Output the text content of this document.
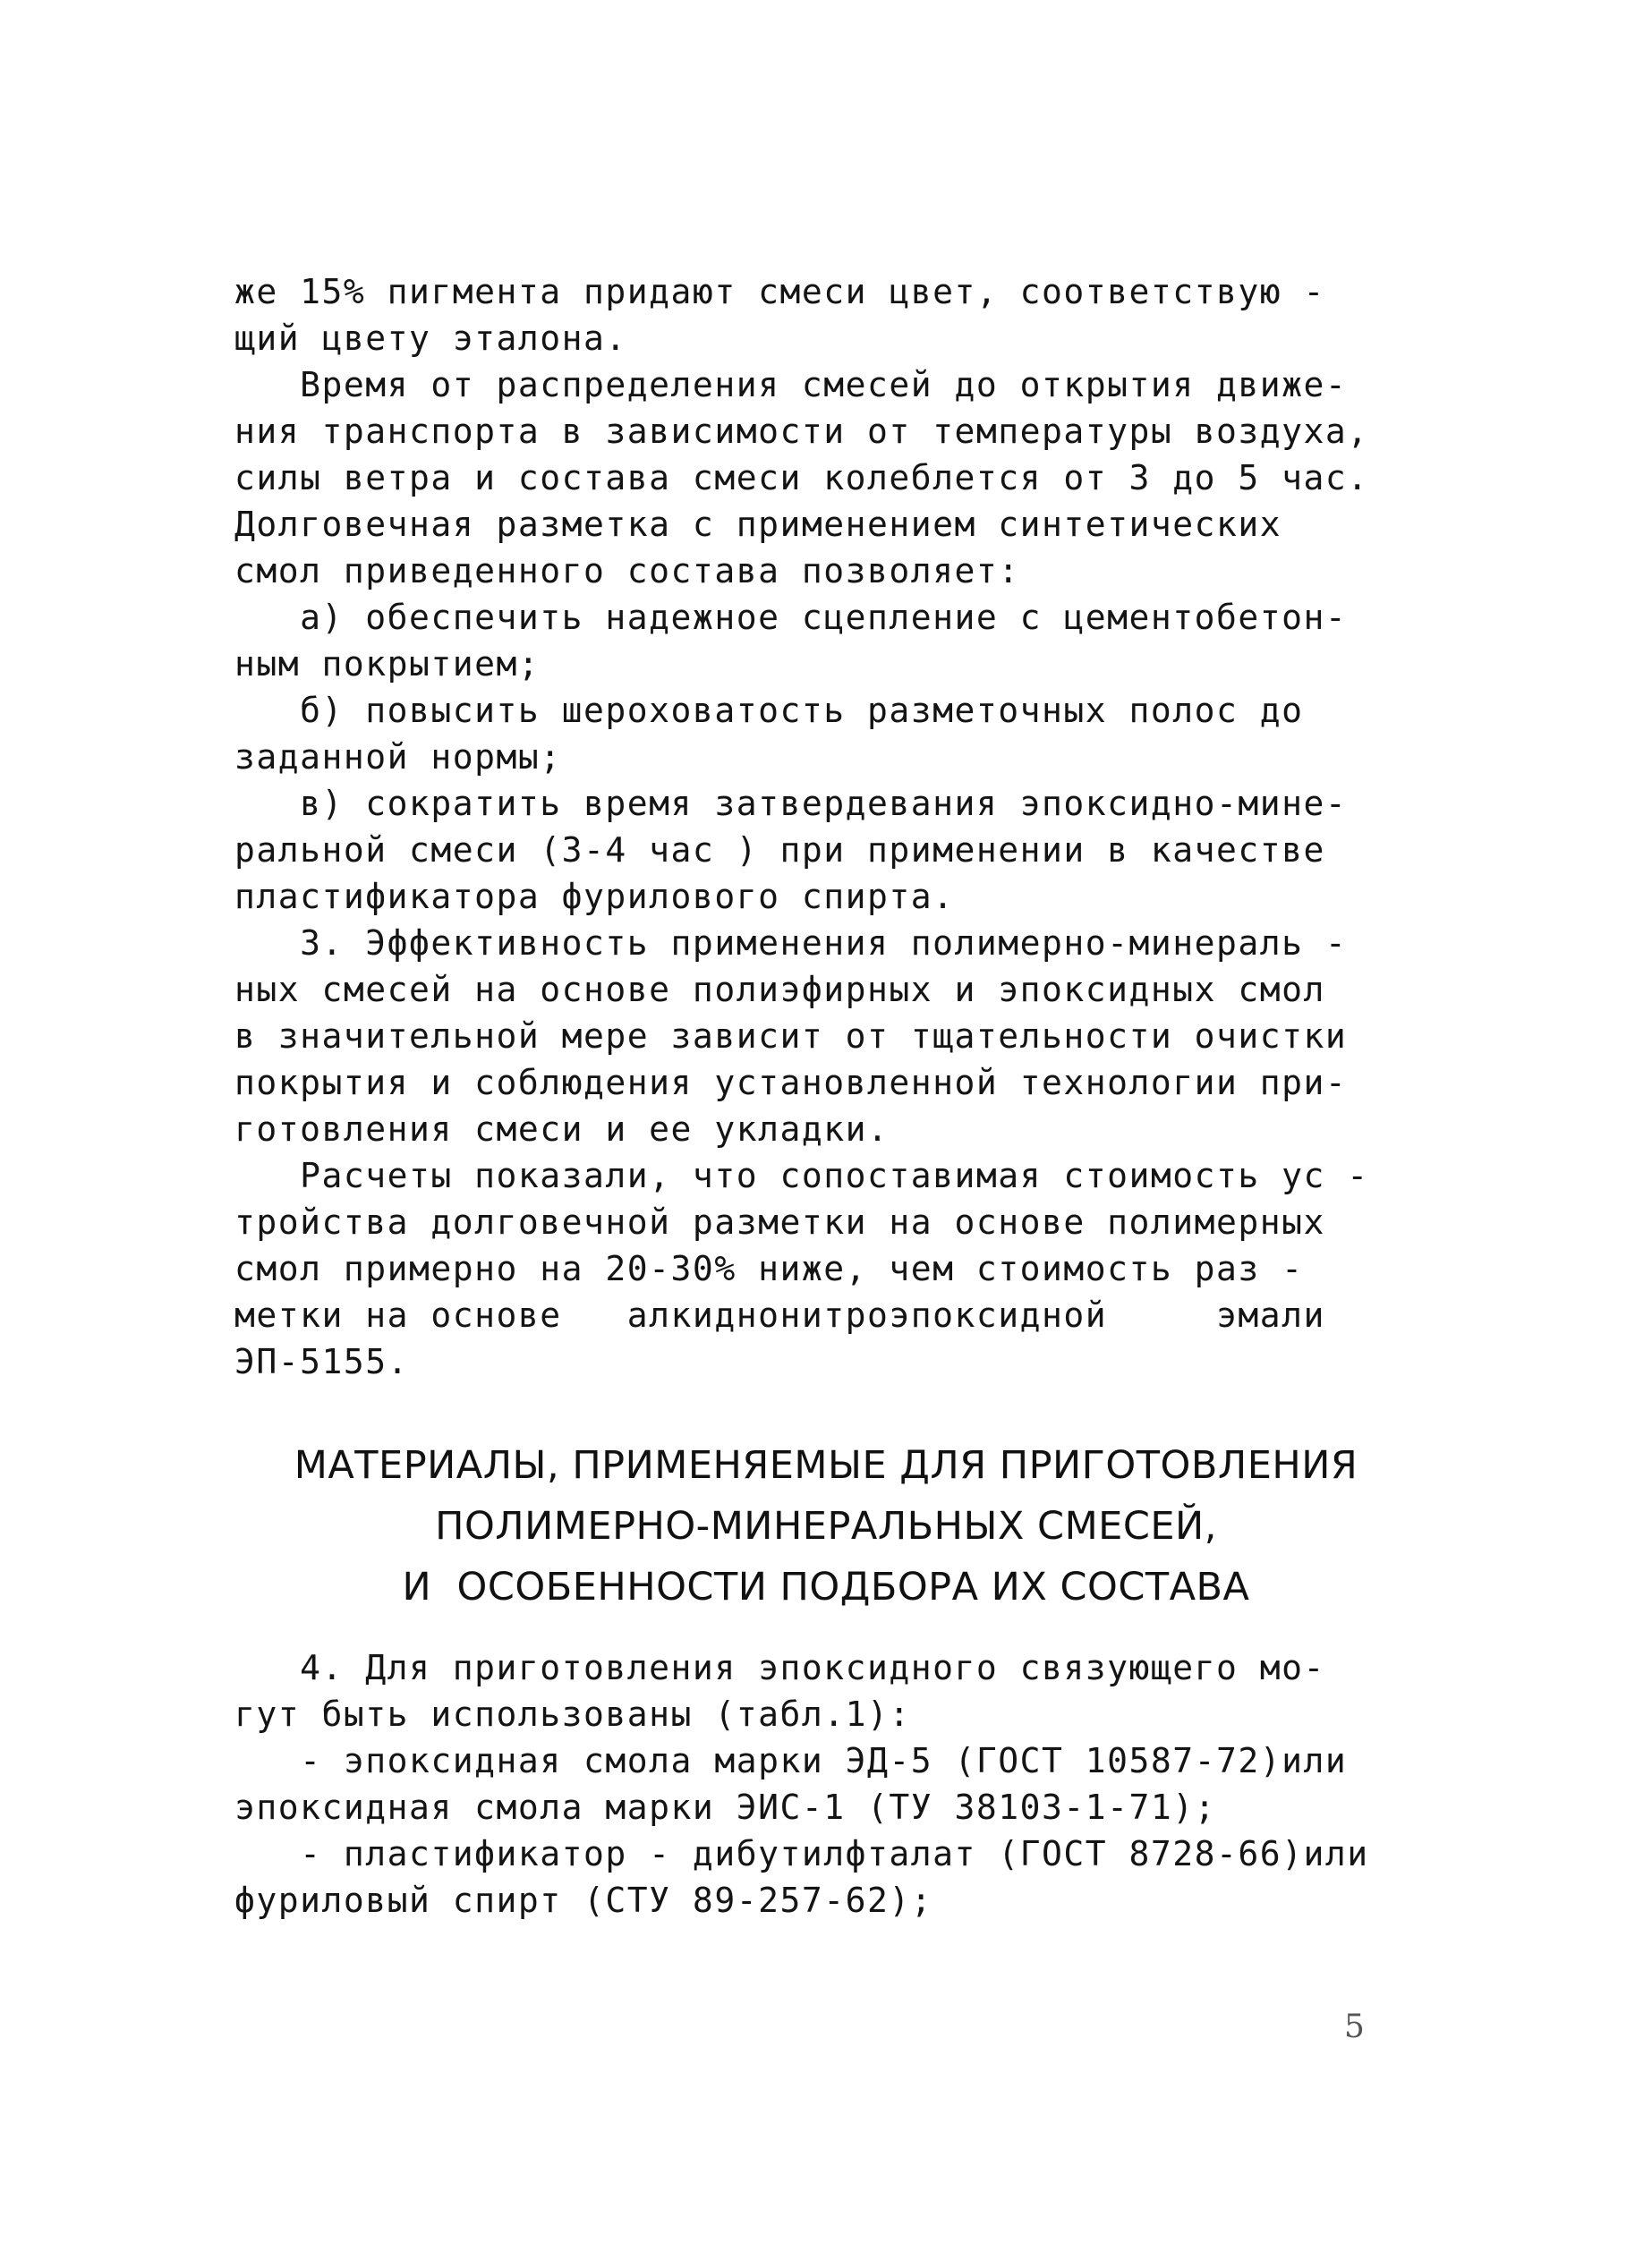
же 15% пигмента придают смеси цвет, соответствую -
щий цвету эталона.
Время от распределения смесей до открытия движе-
ния транспорта в зависимости от температуры воздуха,
силы ветра и состава смеси колеблется от 3 до 5 час.
Долговечная разметка с применением синтетических
смол приведенного состава позволяет:
а) обеспечить надежное сцепление с цементобетон-
ным покрытием;
б) повысить шероховатость разметочных полос до
заданной нормы;
в) сократить время затвердевания эпоксидно-мине-
ральной смеси (3-4 час ) при применении в качестве
пластификатора фурилового спирта.
3. Эффективность применения полимерно-минераль -
ных смесей на основе полиэфирных и эпоксидных смол
в значительной мере зависит от тщательности очистки
покрытия и соблюдения установленной технологии при-
готовления смеси и ее укладки.
Расчеты показали, что сопоставимая стоимость ус -
тройства долговечной разметки на основе полимерных
смол примерно на 20-30% ниже, чем стоимость раз -
метки на основе   алкиднонитроэпоксидной     эмали
ЭП-5155.
МАТЕРИАЛЫ, ПРИМЕНЯЕМЫЕ ДЛЯ ПРИГОТОВЛЕНИЯ
ПОЛИМЕРНО-МИНЕРАЛЬНЫХ СМЕСЕЙ,
И  ОСОБЕННОСТИ ПОДБОРА ИХ СОСТАВА
4. Для приготовления эпоксидного связующего мо-
гут быть использованы (табл.1):
- эпоксидная смола марки ЭД-5 (ГОСТ 10587-72)или
эпоксидная смола марки ЭИС-1 (ТУ 38103-1-71);
- пластификатор - дибутилфталат (ГОСТ 8728-66)или
фуриловый спирт (СТУ 89-257-62);
5
